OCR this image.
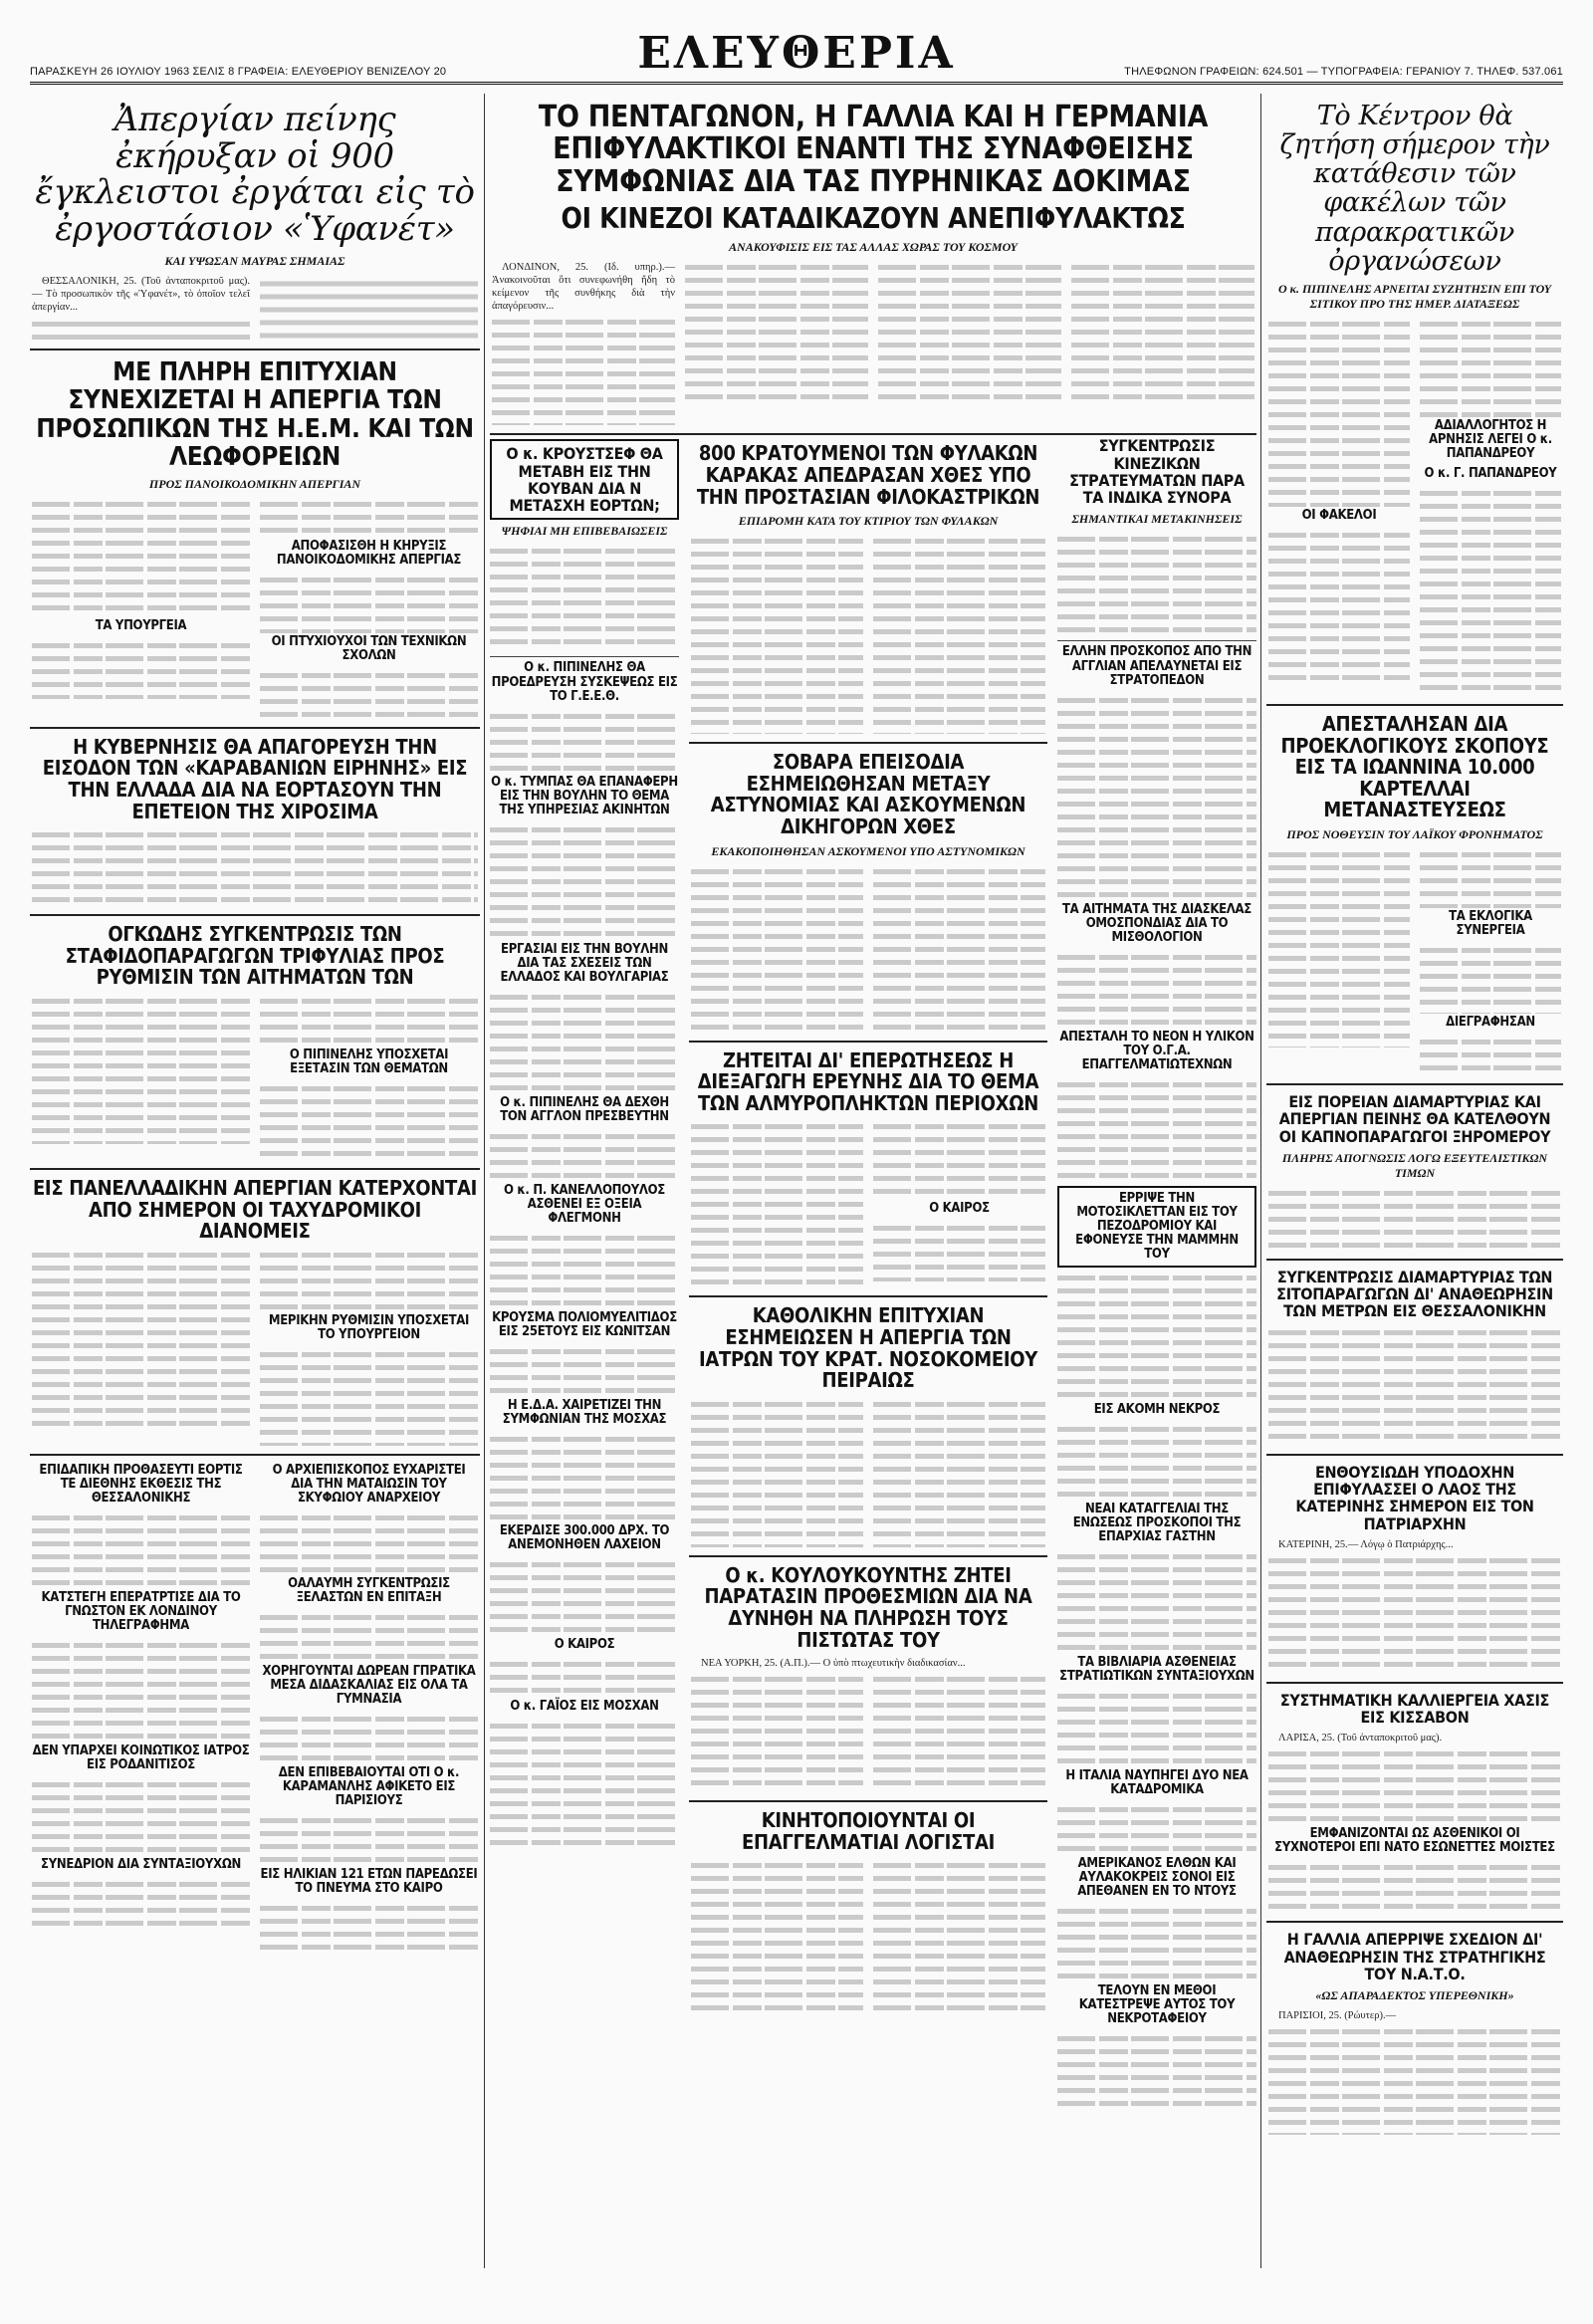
ΠΑΡΑΣΚΕΥΗ 26 ΙΟΥΛΙΟΥ 1963 ΣΕΛΙΣ 8 ΓΡΑΦΕΙΑ: ΕΛΕΥΘΕΡΙΟΥ ΒΕΝΙΖΕΛΟΥ 20	ΕΛΕΥΘΕΡΙΑ	ΤΗΛΕΦΩΝΟΝ ΓΡΑΦΕΙΩΝ: 624.501 — ΤΥΠΟΓΡΑΦΕΙΑ: ΓΕΡΑΝΙΟΥ 7. ΤΗΛΕΦ. 537.061
Ἀπεργίαν πείνης ἐκήρυξαν οἱ 900 ἔγκλειστοι ἐργάται εἰς τὸ ἐργοστάσιον «Ὑφανέτ»
ΚΑΙ ΥΨΩΣΑΝ ΜΑΥΡΑΣ ΣΗΜΑΙΑΣ

ΘΕΣΣΑΛΟΝΙΚΗ, 25. (Τοῦ ἀνταποκριτοῦ μας).— Τὸ προσωπικὸν τῆς «Ὑφανέτ», τὸ ὁποῖον τελεῖ ἀπεργίαν...

ΜΕ ΠΛΗΡΗ ΕΠΙΤΥΧΙΑΝ ΣΥΝΕΧΙΖΕΤΑΙ Η ΑΠΕΡΓΙΑ ΤΩΝ ΠΡΟΣΩΠΙΚΩΝ ΤΗΣ Η.Ε.Μ. ΚΑΙ ΤΩΝ ΛΕΩΦΟΡΕΙΩΝ
ΠΡΟΣ ΠΑΝΟΙΚΟΔΟΜΙΚΗΝ ΑΠΕΡΓΙΑΝ
ΤΑ ΥΠΟΥΡΓΕΙΑ
ΑΠΟΦΑΣΙΣΘΗ Η ΚΗΡΥΞΙΣ ΠΑΝΟΙΚΟΔΟΜΙΚΗΣ ΑΠΕΡΓΙΑΣ
ΟΙ ΠΤΥΧΙΟΥΧΟΙ ΤΩΝ ΤΕΧΝΙΚΩΝ ΣΧΟΛΩΝ
Η ΚΥΒΕΡΝΗΣΙΣ ΘΑ ΑΠΑΓΟΡΕΥΣΗ ΤΗΝ ΕΙΣΟΔΟΝ ΤΩΝ «ΚΑΡΑΒΑΝΙΩΝ ΕΙΡΗΝΗΣ» ΕΙΣ ΤΗΝ ΕΛΛΑΔΑ ΔΙΑ ΝΑ ΕΟΡΤΑΣΟΥΝ ΤΗΝ ΕΠΕΤΕΙΟΝ ΤΗΣ ΧΙΡΟΣΙΜΑ
ΟΓΚΩΔΗΣ ΣΥΓΚΕΝΤΡΩΣΙΣ ΤΩΝ ΣΤΑΦΙΔΟΠΑΡΑΓΩΓΩΝ ΤΡΙΦΥΛΙΑΣ ΠΡΟΣ ΡΥΘΜΙΣΙΝ ΤΩΝ ΑΙΤΗΜΑΤΩΝ ΤΩΝ
Ο ΠΙΠΙΝΕΛΗΣ ΥΠΟΣΧΕΤΑΙ ΕΞΕΤΑΣΙΝ ΤΩΝ ΘΕΜΑΤΩΝ
ΕΙΣ ΠΑΝΕΛΛΑΔΙΚΗΝ ΑΠΕΡΓΙΑΝ ΚΑΤΕΡΧΟΝΤΑΙ ΑΠΟ ΣΗΜΕΡΟΝ ΟΙ ΤΑΧΥΔΡΟΜΙΚΟΙ ΔΙΑΝΟΜΕΙΣ
ΜΕΡΙΚΗΝ ΡΥΘΜΙΣΙΝ ΥΠΟΣΧΕΤΑΙ ΤΟ ΥΠΟΥΡΓΕΙΟΝ
ΕΠΙΔΑΠΙΚΗ ΠΡΟΘΑΣΕΥΤΙ ΕΟΡΤΙΣ ΤΕ ΔΙΕΘΝΗΣ ΕΚΘΕΣΙΣ ΤΗΣ ΘΕΣΣΑΛΟΝΙΚΗΣ
ΚΑΤΣΤΕΓΗ ΕΠΕΡΑΤΡΤΙΣΕ ΔΙΑ ΤΟ ΓΝΩΣΤΟΝ ΕΚ ΛΟΝΔΙΝΟΥ ΤΗΛΕΓΡΑΦΗΜΑ
ΔΕΝ ΥΠΑΡΧΕΙ ΚΟΙΝΩΤΙΚΟΣ ΙΑΤΡΟΣ ΕΙΣ ΡΟΔΑΝΙΤΙΣΟΣ
ΣΥΝΕΔΡΙΟΝ ΔΙΑ ΣΥΝΤΑΞΙΟΥΧΩΝ
Ο ΑΡΧΙΕΠΙΣΚΟΠΟΣ ΕΥΧΑΡΙΣΤΕΙ ΔΙΑ ΤΗΝ ΜΑΤΑΙΩΣΙΝ ΤΟΥ ΣΚΥΦΩΙΟΥ ΑΝΑΡΧΕΙΟΥ
ΟΑΛΑΥΜΗ ΣΥΓΚΕΝΤΡΩΣΙΣ ΞΕΛΑΣΤΩΝ ΕΝ ΕΠΙΤΑΞΗ
ΧΟΡΗΓΟΥΝΤΑΙ ΔΩΡΕΑΝ ΓΠΡΑΤΙΚΑ ΜΕΣΑ ΔΙΔΑΣΚΑΛΙΑΣ ΕΙΣ ΟΛΑ ΤΑ ΓΥΜΝΑΣΙΑ
ΔΕΝ ΕΠΙΒΕΒΑΙΟΥΤΑΙ ΟΤΙ Ο κ. ΚΑΡΑΜΑΝΛΗΣ ΑΦΙΚΕΤΟ ΕΙΣ ΠΑΡΙΣΙΟΥΣ
ΕΙΣ ΗΛΙΚΙΑΝ 121 ΕΤΩΝ ΠΑΡΕΔΩΣΕΙ ΤΟ ΠΝΕΥΜΑ ΣΤΟ ΚΑΙΡΟ
ΤΟ ΠΕΝΤΑΓΩΝΟΝ, Η ΓΑΛΛΙΑ ΚΑΙ Η ΓΕΡΜΑΝΙΑ ΕΠΙΦΥΛΑΚΤΙΚΟΙ ΕΝΑΝΤΙ ΤΗΣ ΣΥΝΑΦΘΕΙΣΗΣ ΣΥΜΦΩΝΙΑΣ ΔΙΑ ΤΑΣ ΠΥΡΗΝΙΚΑΣ ΔΟΚΙΜΑΣ
ΟΙ ΚΙΝΕΖΟΙ ΚΑΤΑΔΙΚΑΖΟΥΝ ΑΝΕΠΙΦΥΛΑΚΤΩΣ
ΑΝΑΚΟΥΦΙΣΙΣ ΕΙΣ ΤΑΣ ΑΛΛΑΣ ΧΩΡΑΣ ΤΟΥ ΚΟΣΜΟΥ

ΛΟΝΔΙΝΟΝ, 25. (Ιδ. υπηρ.).— Ἀνακοινοῦται ὅτι συνεφωνήθη ἤδη τὸ κείμενον τῆς συνθήκης διὰ τὴν ἀπαγόρευσιν...

Ο κ. ΚΡΟΥΣΤΣΕΦ ΘΑ ΜΕΤΑΒΗ ΕΙΣ ΤΗΝ ΚΟΥΒΑΝ ΔΙΑ Ν ΜΕΤΑΣΧΗ ΕΟΡΤΩΝ;
ΨΗΦΙΑΙ ΜΗ ΕΠΙΒΕΒΑΙΩΣΕΙΣ
Ο κ. ΠΙΠΙΝΕΛΗΣ ΘΑ ΠΡΟΕΔΡΕΥΣΗ ΣΥΣΚΕΨΕΩΣ ΕΙΣ ΤΟ Γ.Ε.Ε.Θ.
Ο κ. ΤΥΜΠΑΣ ΘΑ ΕΠΑΝΑΦΕΡΗ ΕΙΣ ΤΗΝ ΒΟΥΛΗΝ ΤΟ ΘΕΜΑ ΤΗΣ ΥΠΗΡΕΣΙΑΣ ΑΚΙΝΗΤΩΝ
ΕΡΓΑΣΙΑΙ ΕΙΣ ΤΗΝ ΒΟΥΛΗΝ ΔΙΑ ΤΑΣ ΣΧΕΣΕΙΣ ΤΩΝ ΕΛΛΑΔΟΣ ΚΑΙ ΒΟΥΛΓΑΡΙΑΣ
Ο κ. ΠΙΠΙΝΕΛΗΣ ΘΑ ΔΕΧΘΗ ΤΟΝ ΑΓΓΛΟΝ ΠΡΕΣΒΕΥΤΗΝ
Ο κ. Π. ΚΑΝΕΛΛΟΠΟΥΛΟΣ ΑΣΘΕΝΕΙ ΕΞ ΟΞΕΙΑ ΦΛΕΓΜΟΝΗ
ΚΡΟΥΣΜΑ ΠΟΛΙΟΜΥΕΛΙΤΙΔΟΣ ΕΙΣ 25ΕΤΟΥΣ ΕΙΣ ΚΩΝΙΤΣΑΝ
Η Ε.Δ.Α. ΧΑΙΡΕΤΙΖΕΙ ΤΗΝ ΣΥΜΦΩΝΙΑΝ ΤΗΣ ΜΟΣΧΑΣ
ΕΚΕΡΔΙΣΕ 300.000 ΔΡΧ. ΤΟ ΑΝΕΜΟΝΗΘΕΝ ΛΑΧΕΙΟΝ
Ο ΚΑΙΡΟΣ
Ο κ. ΓΑΪΟΣ ΕΙΣ ΜΟΣΧΑΝ
800 ΚΡΑΤΟΥΜΕΝΟΙ ΤΩΝ ΦΥΛΑΚΩΝ ΚΑΡΑΚΑΣ ΑΠΕΔΡΑΣΑΝ ΧΘΕΣ ΥΠΟ ΤΗΝ ΠΡΟΣΤΑΣΙΑΝ ΦΙΛΟΚΑΣΤΡΙΚΩΝ
ΕΠΙΔΡΟΜΗ ΚΑΤΑ ΤΟΥ ΚΤΙΡΙΟΥ ΤΩΝ ΦΥΛΑΚΩΝ
ΣΟΒΑΡΑ ΕΠΕΙΣΟΔΙΑ ΕΣΗΜΕΙΩΘΗΣΑΝ ΜΕΤΑΞΥ ΑΣΤΥΝΟΜΙΑΣ ΚΑΙ ΑΣΚΟΥΜΕΝΩΝ ΔΙΚΗΓΟΡΩΝ ΧΘΕΣ
ΕΚΑΚΟΠΟΙΗΘΗΣΑΝ ΑΣΚΟΥΜΕΝΟΙ ΥΠΟ ΑΣΤΥΝΟΜΙΚΩΝ
ΖΗΤΕΙΤΑΙ ΔΙ' ΕΠΕΡΩΤΗΣΕΩΣ Η ΔΙΕΞΑΓΩΓΗ ΕΡΕΥΝΗΣ ΔΙΑ ΤΟ ΘΕΜΑ ΤΩΝ ΑΛΜΥΡΟΠΛΗΚΤΩΝ ΠΕΡΙΟΧΩΝ
Ο ΚΑΙΡΟΣ
ΚΑΘΟΛΙΚΗΝ ΕΠΙΤΥΧΙΑΝ ΕΣΗΜΕΙΩΣΕΝ Η ΑΠΕΡΓΙΑ ΤΩΝ ΙΑΤΡΩΝ ΤΟΥ ΚΡΑΤ. ΝΟΣΟΚΟΜΕΙΟΥ ΠΕΙΡΑΙΩΣ
Ο κ. ΚΟΥΛΟΥΚΟΥΝΤΗΣ ΖΗΤΕΙ ΠΑΡΑΤΑΣΙΝ ΠΡΟΘΕΣΜΙΩΝ ΔΙΑ ΝΑ ΔΥΝΗΘΗ ΝΑ ΠΛΗΡΩΣΗ ΤΟΥΣ ΠΙΣΤΩΤΑΣ ΤΟΥ

ΝΕΑ ΥΟΡΚΗ, 25. (Α.Π.).— Ο ὑπὸ πτωχευτικὴν διαδικασίαν...

ΚΙΝΗΤΟΠΟΙΟΥΝΤΑΙ ΟΙ ΕΠΑΓΓΕΛΜΑΤΙΑΙ ΛΟΓΙΣΤΑΙ
ΣΥΓΚΕΝΤΡΩΣΙΣ ΚΙΝΕΖΙΚΩΝ ΣΤΡΑΤΕΥΜΑΤΩΝ ΠΑΡΑ ΤΑ ΙΝΔΙΚΑ ΣΥΝΟΡΑ
ΣΗΜΑΝΤΙΚΑΙ ΜΕΤΑΚΙΝΗΣΕΙΣ
ΕΛΛΗΝ ΠΡΟΣΚΟΠΟΣ ΑΠΟ ΤΗΝ ΑΓΓΛΙΑΝ ΑΠΕΛΑΥΝΕΤΑΙ ΕΙΣ ΣΤΡΑΤΟΠΕΔΟΝ
ΤΑ ΑΙΤΗΜΑΤΑ ΤΗΣ ΔΙΑΣΚΕΛΑΣ ΟΜΟΣΠΟΝΔΙΑΣ ΔΙΑ ΤΟ ΜΙΣΘΟΛΟΓΙΟΝ
ΑΠΕΣΤΑΛΗ ΤΟ ΝΕΟΝ Η ΥΛΙΚΟΝ ΤΟΥ Ο.Γ.Α. ΕΠΑΓΓΕΛΜΑΤΙΩΤΕΧΝΩΝ
ΕΡΡΙΨΕ ΤΗΝ ΜΟΤΟΣΙΚΛΕΤΤΑΝ ΕΙΣ ΤΟΥ ΠΕΖΟΔΡΟΜΙΟΥ ΚΑΙ ΕΦΟΝΕΥΣΕ ΤΗΝ ΜΑΜΜΗΝ ΤΟΥ
ΕΙΣ ΑΚΟΜΗ ΝΕΚΡΟΣ
ΝΕΑΙ ΚΑΤΑΓΓΕΛΙΑΙ ΤΗΣ ΕΝΩΣΕΩΣ ΠΡΟΣΚΟΠΟΙ ΤΗΣ ΕΠΑΡΧΙΑΣ ΓΑΣΤΗΝ
ΤΑ ΒΙΒΛΙΑΡΙΑ ΑΣΘΕΝΕΙΑΣ ΣΤΡΑΤΙΩΤΙΚΩΝ ΣΥΝΤΑΞΙΟΥΧΩΝ
Η ΙΤΑΛΙΑ ΝΑΥΠΗΓΕΙ ΔΥΟ ΝΕΑ ΚΑΤΑΔΡΟΜΙΚΑ
ΑΜΕΡΙΚΑΝΟΣ ΕΛΘΩΝ ΚΑΙ ΑΥΛΑΚΟΚΡΕΙΣ ΣΟΝΟΙ ΕΙΣ ΑΠΕΘΑΝΕΝ ΕΝ ΤΟ ΝΤΟΥΣ
ΤΕΛΟΥΝ ΕΝ ΜΕΘΟΙ ΚΑΤΕΣΤΡΕΨΕ ΑΥΤΟΣ ΤΟΥ ΝΕΚΡΟΤΑΦΕΙΟΥ
Τὸ Κέντρον θὰ ζητήση σήμερον τὴν κατάθεσιν τῶν φακέλων τῶν παρακρατικῶν ὀργανώσεων
Ο κ. ΠΙΠΙΝΕΛΗΣ ΑΡΝΕΙΤΑΙ ΣΥΖΗΤΗΣΙΝ ΕΠΙ ΤΟΥ ΣΙΤΙΚΟΥ ΠΡΟ ΤΗΣ ΗΜΕΡ. ΔΙΑΤΑΞΕΩΣ
ΟΙ ΦΑΚΕΛΟΙ
ΑΔΙΑΛΛΟΓΗΤΟΣ Η ΑΡΝΗΣΙΣ ΛΕΓΕΙ Ο κ. ΠΑΠΑΝΔΡΕΟΥ
Ο κ. Γ. ΠΑΠΑΝΔΡΕΟΥ
ΑΠΕΣΤΑΛΗΣΑΝ ΔΙΑ ΠΡΟΕΚΛΟΓΙΚΟΥΣ ΣΚΟΠΟΥΣ ΕΙΣ ΤΑ ΙΩΑΝΝΙΝΑ 10.000 ΚΑΡΤΕΛΛΑΙ ΜΕΤΑΝΑΣΤΕΥΣΕΩΣ
ΠΡΟΣ ΝΟΘΕΥΣΙΝ ΤΟΥ ΛΑΪΚΟΥ ΦΡΟΝΗΜΑΤΟΣ
ΤΑ ΕΚΛΟΓΙΚΑ ΣΥΝΕΡΓΕΙΑ
ΔΙΕΓΡΑΦΗΣΑΝ
ΕΙΣ ΠΟΡΕΙΑΝ ΔΙΑΜΑΡΤΥΡΙΑΣ ΚΑΙ ΑΠΕΡΓΙΑΝ ΠΕΙΝΗΣ ΘΑ ΚΑΤΕΛΘΟΥΝ ΟΙ ΚΑΠΝΟΠΑΡΑΓΩΓΟΙ ΞΗΡΟΜΕΡΟΥ
ΠΛΗΡΗΣ ΑΠΟΓΝΩΣΙΣ ΛΟΓΩ ΕΞΕΥΤΕΛΙΣΤΙΚΩΝ ΤΙΜΩΝ
ΣΥΓΚΕΝΤΡΩΣΙΣ ΔΙΑΜΑΡΤΥΡΙΑΣ ΤΩΝ ΣΙΤΟΠΑΡΑΓΩΓΩΝ ΔΙ' ΑΝΑΘΕΩΡΗΣΙΝ ΤΩΝ ΜΕΤΡΩΝ ΕΙΣ ΘΕΣΣΑΛΟΝΙΚΗΝ
ΕΝΘΟΥΣΙΩΔΗ ΥΠΟΔΟΧΗΝ ΕΠΙΦΥΛΑΣΣΕΙ Ο ΛΑΟΣ ΤΗΣ ΚΑΤΕΡΙΝΗΣ ΣΗΜΕΡΟΝ ΕΙΣ ΤΟΝ ΠΑΤΡΙΑΡΧΗΝ

ΚΑΤΕΡΙΝΗ, 25.— Λόγῳ ὁ Πατριάρχης...

ΣΥΣΤΗΜΑΤΙΚΗ ΚΑΛΛΙΕΡΓΕΙΑ ΧΑΣΙΣ ΕΙΣ ΚΙΣΣΑΒΟΝ

ΛΑΡΙΣΑ, 25. (Τοῦ ἀνταποκριτοῦ μας).

ΕΜΦΑΝΙΖΟΝΤΑΙ ΩΣ ΑΣΘΕΝΙΚΟΙ ΟΙ ΣΥΧΝΟΤΕΡΟΙ ΕΠΙ ΝΑΤΟ ΕΣΩΝΕΤΤΕΣ ΜΟΙΣΤΕΣ
Η ΓΑΛΛΙΑ ΑΠΕΡΡΙΨΕ ΣΧΕΔΙΟΝ ΔΙ' ΑΝΑΘΕΩΡΗΣΙΝ ΤΗΣ ΣΤΡΑΤΗΓΙΚΗΣ ΤΟΥ Ν.Α.Τ.Ο.
«ΩΣ ΑΠΑΡΑΔΕΚΤΟΣ ΥΠΕΡΕΘΝΙΚΗ»

ΠΑΡΙΣΙΟΙ, 25. (Ρώυτερ).—
